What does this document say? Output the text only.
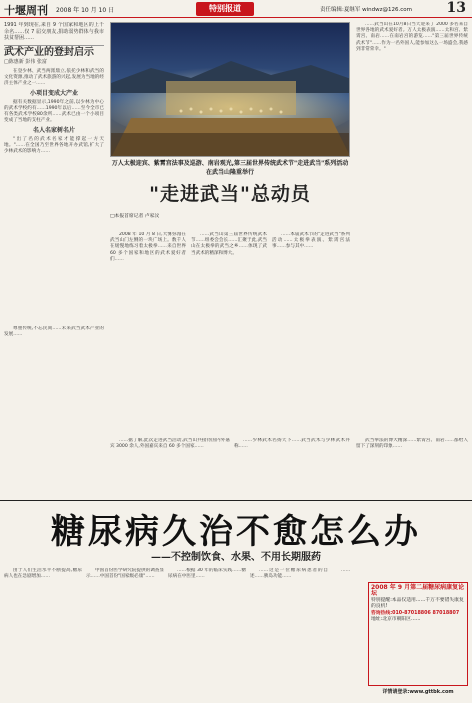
十堰周刊 2008 年 10 月 10 日	特别报道	责任编辑:夏继军 windwz@126.com 13
1991 年到现在,来自 9 个国家和地区的上千余名……仅 7 届交朋友,捐助弱势群体与我市扶贫帮困……
武术产业的登封启示
□陈惠新 彭伟 张富

在登少林、武当两派鼎立,依托少林和武当的文化资源,推动了武术旅游的兴起,发展为当地的经济主体产业之一……

小项目变成大产业

据有关数据显示,1990年之前,以少林为中心的武术学校约有……1990年以后……至今全市已有各类武术学校80余所……武术已由一个小项目变成了当地的支柱产业。

名人名家树名片

"出了名的武术名家才能撑起一方天地。"……在全国乃至世界各地开办武馆,扩大了少林武术的影响力……

万人太极迎宾、紫霄宫法事及巡游、南岩观光,第三届世界传统武术节"走进武当"系列活动在武当山隆重举行
"走进武当"总动员
□本报首席记者 卢家汶

2008 年 10 月 8 日,大雾弥漫在武当山门左侧的一块广场上。数千人在缓慢地练习着太极拳……来自世界 60 多个国家和地区的武术爱好者们……

……武当山第三届世界传统武术节……组委会会长……汇聚于此,武当山在太极拳的武当之乡……体现了武当武术的精深和博大。

……本届武术节的"走进武当"系列活动……太极拳表演、紫霄宫法事……参与其中……

……武当山在10月8日当天迎来了 2000 多名来自世界各地的武术爱好者。万人太极表演……太和宫、紫霄宫、南岩……在南岩宫的游览……"第三届世界传统武术节"……作为一名外国人,能参加这么一场盛会,我感到非常荣幸。"

尊重传统,不忘民间……未来武当武术产业的发展……

……据了解,此次走进武当活动,武当山共接待国内外嘉宾 3000 余人,外国嘉宾来自 60 多个国家……

……少林武术名扬天下……武当武术与少林武术并称……

武当拳法的博大精深……紫霄宫、南岩……都给人留下了深刻的印象……

糖尿病久治不愈怎么办
——不控制饮食、水果、不用长期服药

由于人们生活水平不断提高,糖尿病人也在急剧增加……

中国首份医学研究院提供的调查显示……中国首份"国家级必康"……

……根据 30 年的临床实践……糖尿病在中医里……

……这是一位糖尿病患者的自述……胰岛功能……

……

2008 年 9 月第二届糖尿病康复论坛
特别提醒:本品仅适用……千万不要错失康复的良机!
咨询热线:010-87018806 87018807
地址:北京市朝阳区……
详情请登录:www.gttbk.com
